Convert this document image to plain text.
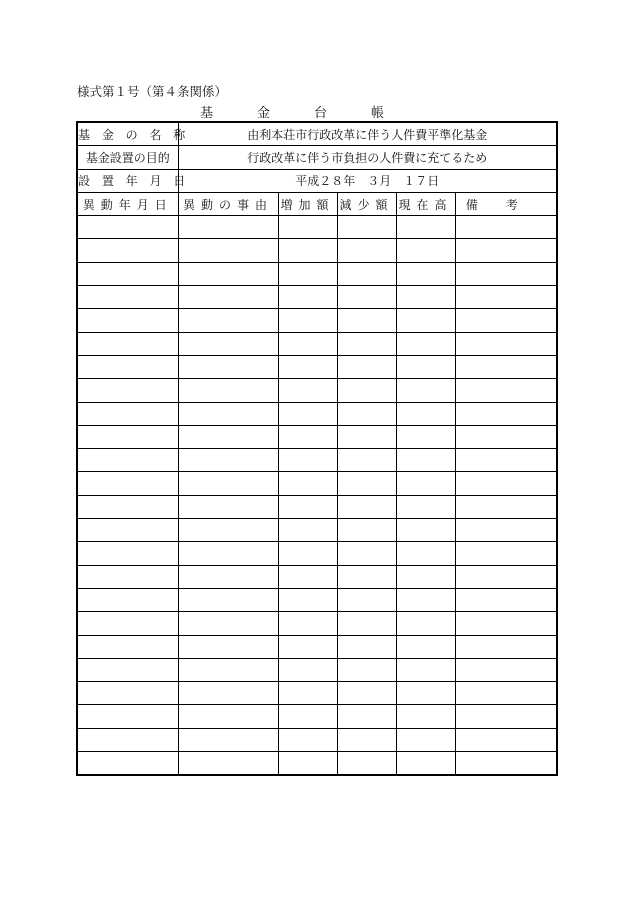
様式第１号（第４条関係）
基金台帳
基 金 の 名 称	由利本荘市行政改革に伴う人件費平準化基金				
基金設置の目的	行政改革に伴う市負担の人件費に充てるため				
設 置 年 月 日	平成２８年　３月　１７日				
異動年月日	異動の事由	増加額	減少額	現在高	備考
